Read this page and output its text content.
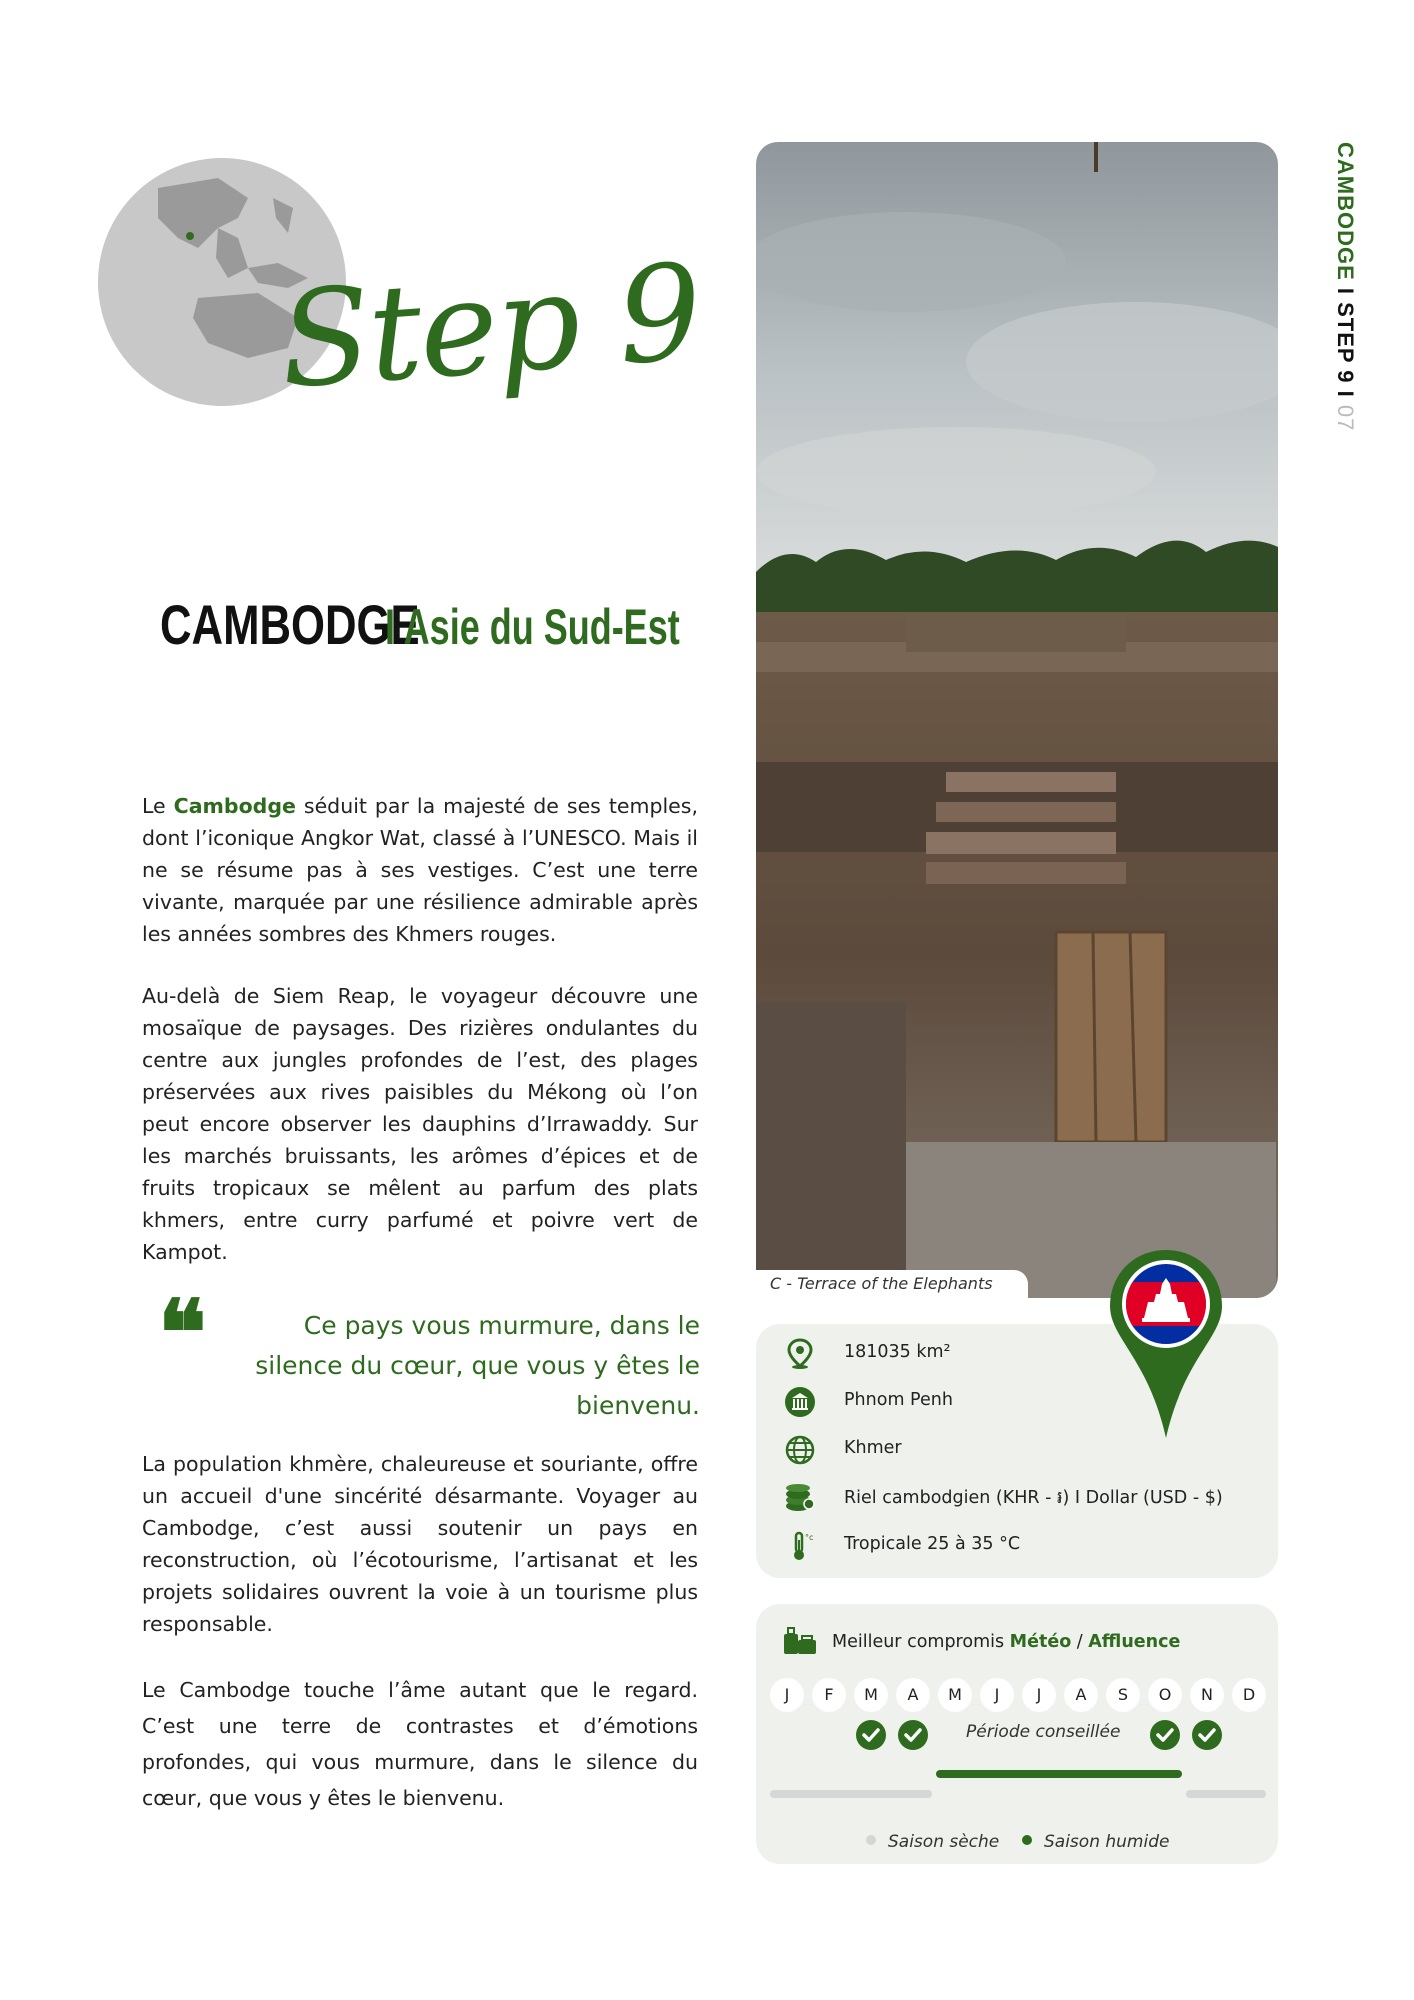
Step 9
CAMBODGE
I Asie du Sud-Est
Le Cambodge séduit par la majesté de ses temples, dont l’iconique Angkor Wat, classé à l’UNESCO. Mais il ne se résume pas à ses vestiges. C’est une terre vivante, marquée par une résilience admirable après les années sombres des Khmers rouges.
Au-delà de Siem Reap, le voyageur découvre une mosaïque de paysages. Des rizières ondulantes du centre aux jungles profondes de l’est, des plages préservées aux rives paisibles du Mékong où l’on peut encore observer les dauphins d’Irrawaddy. Sur les marchés bruissants, les arômes d’épices et de fruits tropicaux se mêlent au parfum des plats khmers, entre curry parfumé et poivre vert de Kampot.
❝	Ce pays vous murmure, dans le silence du cœur, que vous y êtes le bienvenu.
La population khmère, chaleureuse et souriante, offre un accueil d'une sincérité désarmante. Voyager au Cambodge, c’est aussi soutenir un pays en reconstruction, où l’écotourisme, l’artisanat et les projets solidaires ouvrent la voie à un tourisme plus responsable.
Le Cambodge touche l’âme autant que le regard. C’est une terre de contrastes et d’émotions profondes, qui vous murmure, dans le silence du cœur, que vous y êtes le bienvenu.
C - Terrace of the Elephants
CAMBODGE I STEP 9 I 07
181035 km²
Phnom Penh
Khmer
Riel cambodgien (KHR - ៛) I Dollar (USD - $)
°c Tropicale 25 à 35 °C
Meilleur compromis Météo / Affluence
J	F	M	A	M	J	J	A	S	O	N	D
Période conseillée
Saison sèche	Saison humide
